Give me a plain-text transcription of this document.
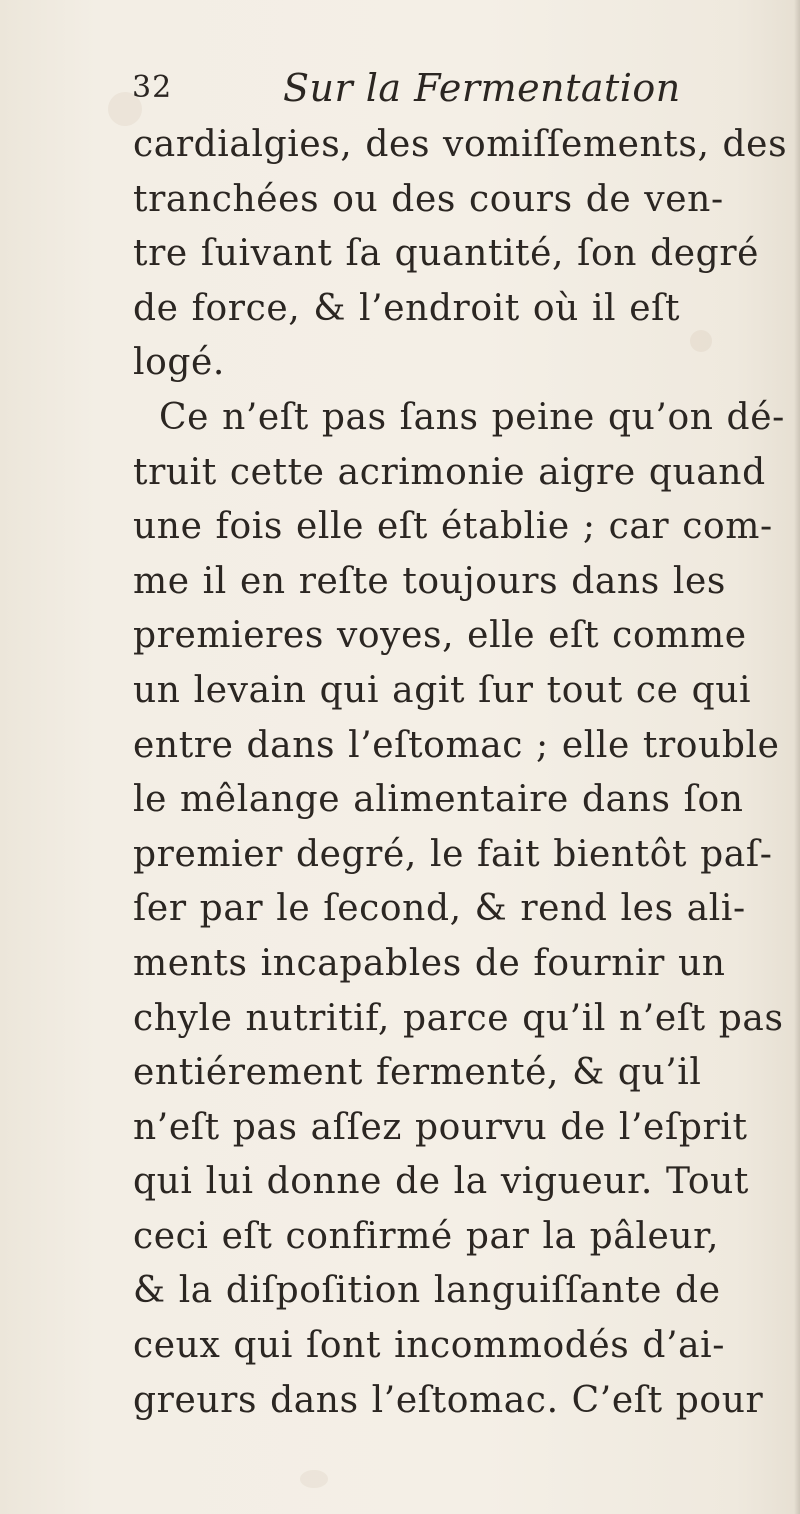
32	Sur la Fermentation
cardialgies, des vomiſſements, des
tranchées ou des cours de ven-
tre ſuivant ſa quantité, ſon degré
de force, & l’endroit où il eſt
logé.
Ce n’eſt pas ſans peine qu’on dé-
truit cette acrimonie aigre quand
une fois elle eſt établie ; car com-
me il en reſte toujours dans les
premieres voyes, elle eſt comme
un levain qui agit ſur tout ce qui
entre dans l’eſtomac ; elle trouble
le mêlange alimentaire dans ſon
premier degré, le fait bientôt paſ-
ſer par le ſecond, & rend les ali-
ments incapables de fournir un
chyle nutritif, parce qu’il n’eſt pas
entiérement fermenté, & qu’il
n’eſt pas aſſez pourvu de l’eſprit
qui lui donne de la vigueur. Tout
ceci eſt confirmé par la pâleur,
& la diſpoſition languiſſante de
ceux qui ſont incommodés d’ai-
greurs dans l’eſtomac. C’eſt pour
